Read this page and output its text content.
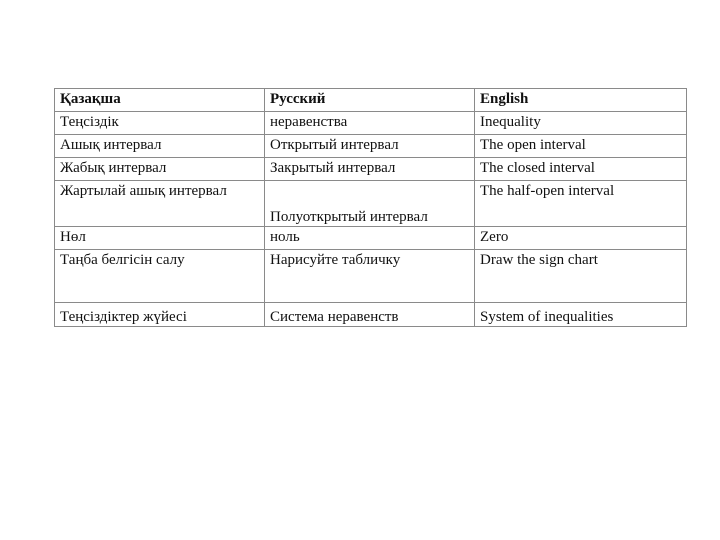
Қазақша	Русский	English
Теңсіздік	неравенства	Inequality
Ашық интервал	Открытый интервал	The open interval
Жабық интервал	Закрытый интервал	The closed interval
Жартылай ашық интервал	Полуоткрытый интервал	The half-open interval
Нөл	ноль	Zero
Таңба белгісін салу	Нарисуйте табличку	Draw the sign chart
Теңсіздіктер жүйесі	Система неравенств	System of inequalities
